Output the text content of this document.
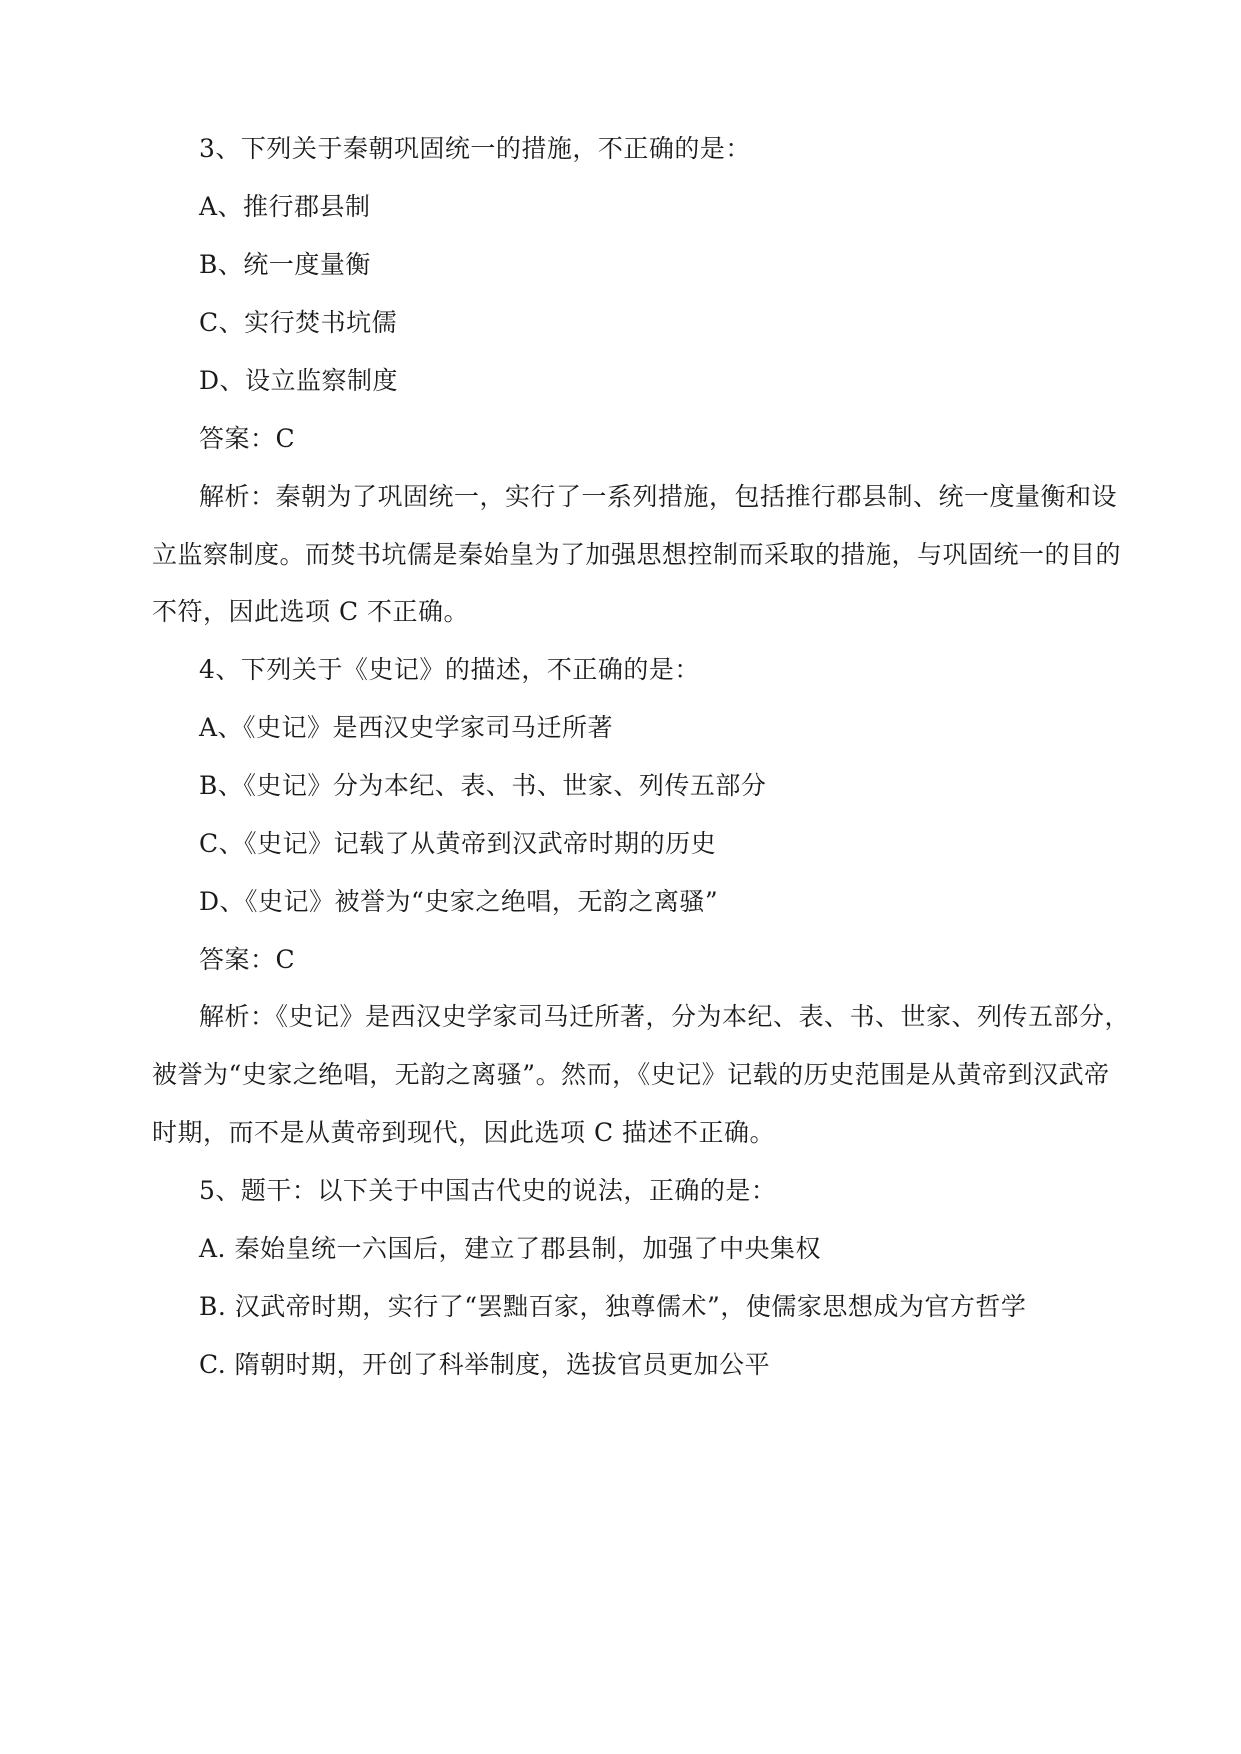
3、下列关于秦朝巩固统一的措施，不正确的是：
A、推行郡县制
B、统一度量衡
C、实行焚书坑儒
D、设立监察制度
答案：C
解析：秦朝为了巩固统一，实行了一系列措施，包括推行郡县制、统一度量衡和设
立监察制度。而焚书坑儒是秦始皇为了加强思想控制而采取的措施，与巩固统一的目的
不符，因此选项 C 不正确。
4、下列关于《史记》的描述，不正确的是：
A、《史记》是西汉史学家司马迁所著
B、《史记》分为本纪、表、书、世家、列传五部分
C、《史记》记载了从黄帝到汉武帝时期的历史
D、《史记》被誉为“史家之绝唱，无韵之离骚”
答案：C
解析：《史记》是西汉史学家司马迁所著，分为本纪、表、书、世家、列传五部分，
被誉为“史家之绝唱，无韵之离骚”。然而，《史记》记载的历史范围是从黄帝到汉武帝
时期，而不是从黄帝到现代，因此选项 C 描述不正确。
5、题干：以下关于中国古代史的说法，正确的是：
A. 秦始皇统一六国后，建立了郡县制，加强了中央集权
B. 汉武帝时期，实行了“罢黜百家，独尊儒术”，使儒家思想成为官方哲学
C. 隋朝时期，开创了科举制度，选拔官员更加公平
